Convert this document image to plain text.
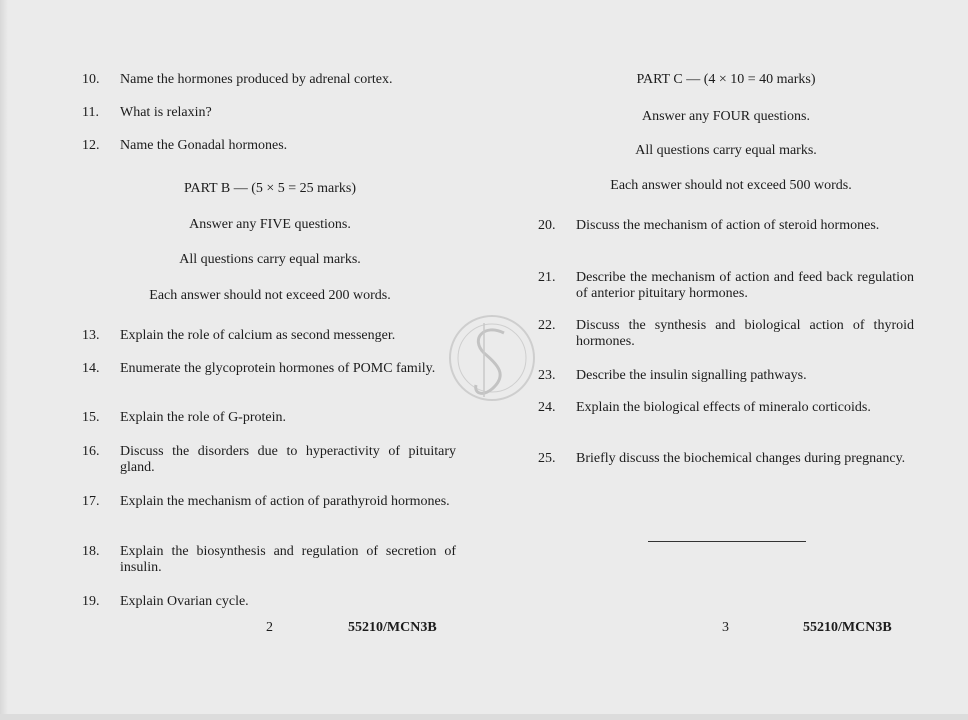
10. Name the hormones produced by adrenal cortex.
11. What is relaxin?
12. Name the Gonadal hormones.
PART B — (5 × 5 = 25 marks)
Answer any FIVE questions.
All questions carry equal marks.
Each answer should not exceed 200 words.
13. Explain the role of calcium as second messenger.
14. Enumerate the glycoprotein hormones of POMC family.
15. Explain the role of G-protein.
16. Discuss the disorders due to hyperactivity of pituitary gland.
17. Explain the mechanism of action of parathyroid hormones.
18. Explain the biosynthesis and regulation of secretion of insulin.
19. Explain Ovarian cycle.
2	55210/MCN3B
PART C — (4 × 10 = 40 marks)
Answer any FOUR questions.
All questions carry equal marks.
Each answer should not exceed 500 words.
20. Discuss the mechanism of action of steroid hormones.
21. Describe the mechanism of action and feed back regulation of anterior pituitary hormones.
22. Discuss the synthesis and biological action of thyroid hormones.
23. Describe the insulin signalling pathways.
24. Explain the biological effects of mineralo corticoids.
25. Briefly discuss the biochemical changes during pregnancy.
3	55210/MCN3B
